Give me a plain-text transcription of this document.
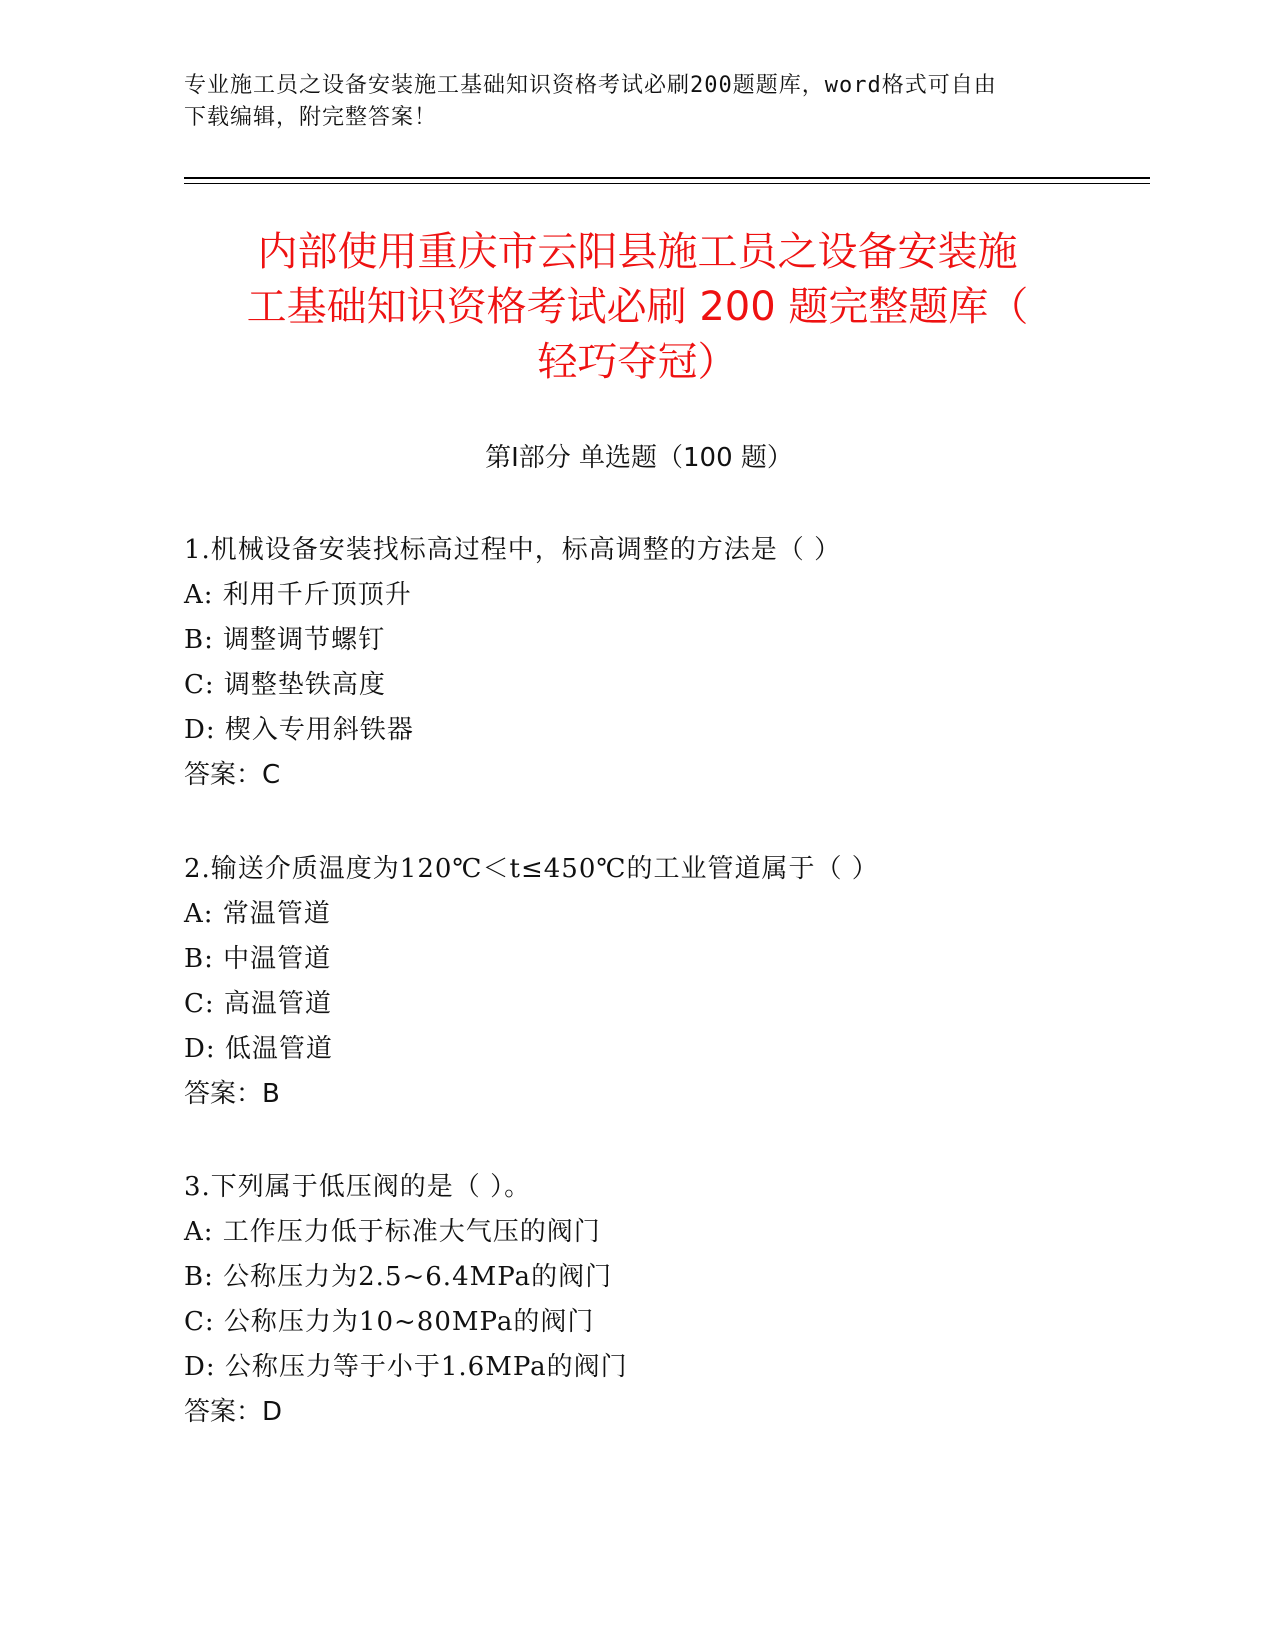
专业施工员之设备安装施工基础知识资格考试必刷200题题库，word格式可自由
下载编辑，附完整答案！
内部使用重庆市云阳县施工员之设备安装施
工基础知识资格考试必刷 200 题完整题库（
轻巧夺冠）
第Ⅰ部分 单选题（100 题）
1.机械设备安装找标高过程中，标高调整的方法是（ ）
A: 利用千斤顶顶升
B: 调整调节螺钉
C: 调整垫铁高度
D: 楔入专用斜铁器
答案：C
2.输送介质温度为120℃＜t≤450℃的工业管道属于（ ）
A: 常温管道
B: 中温管道
C: 高温管道
D: 低温管道
答案：B
3.下列属于低压阀的是（ ）。
A: 工作压力低于标准大气压的阀门
B: 公称压力为2.5~6.4MPa的阀门
C: 公称压力为10~80MPa的阀门
D: 公称压力等于小于1.6MPa的阀门
答案：D
